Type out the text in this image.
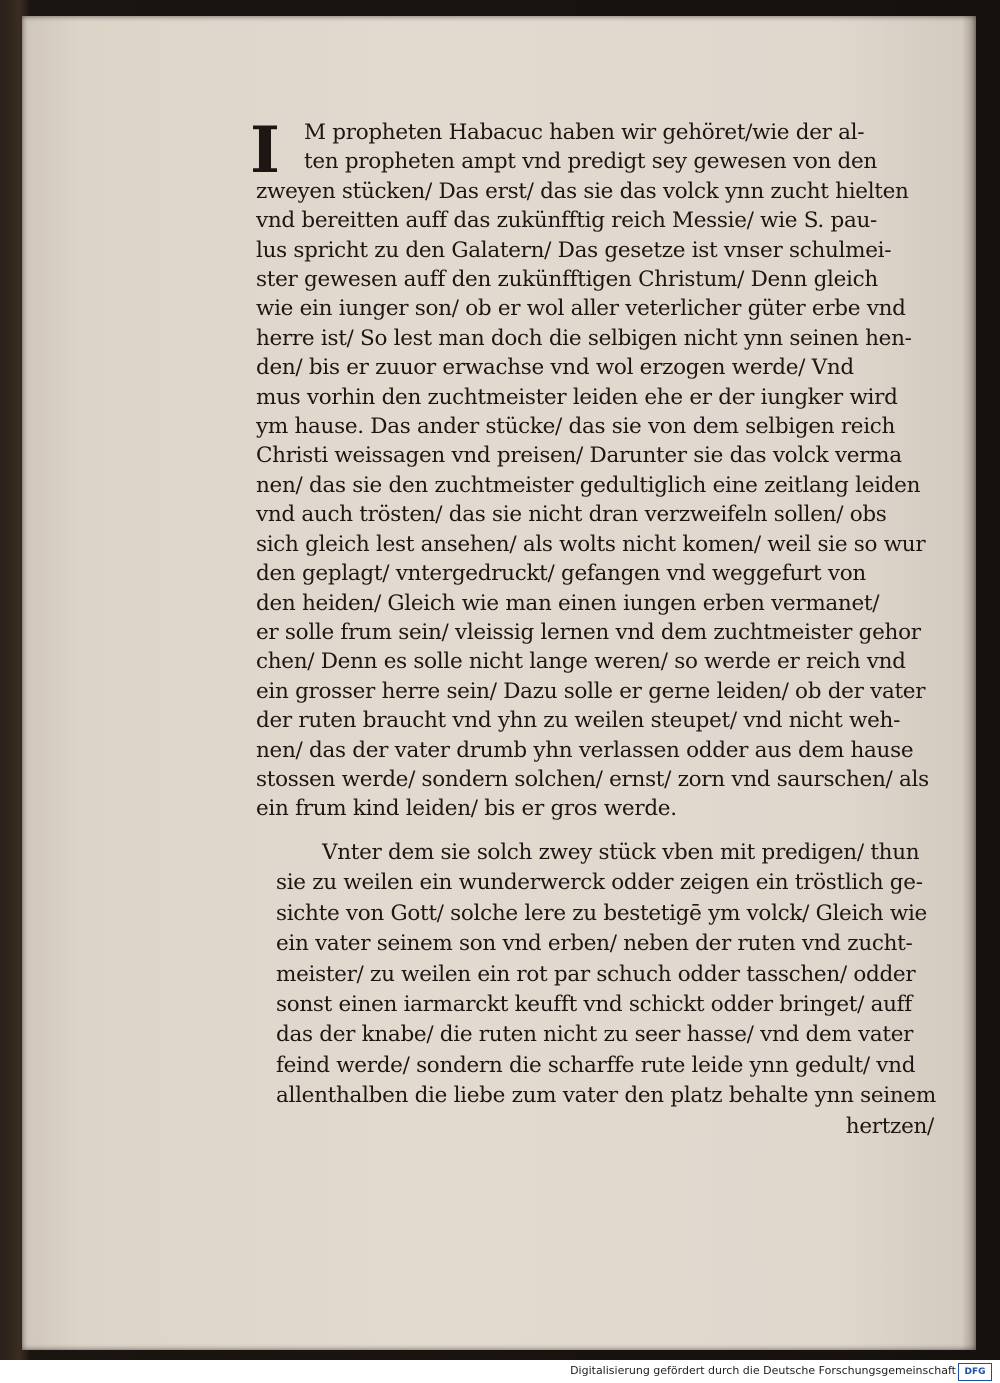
I	M propheten Habacuc haben wir gehöret/wie der al-
ten propheten ampt vnd predigt sey gewesen von den
zweyen stücken/ Das erst/ das sie das volck ynn zucht hielten
vnd bereitten auff das zukünfftig reich Messie/ wie S. pau-
lus spricht zu den Galatern/ Das gesetze ist vnser schulmei-
ster gewesen auff den zukünfftigen Christum/ Denn gleich
wie ein iunger son/ ob er wol aller veterlicher güter erbe vnd
herre ist/ So lest man doch die selbigen nicht ynn seinen hen-
den/ bis er zuuor erwachse vnd wol erzogen werde/ Vnd
mus vorhin den zuchtmeister leiden ehe er der iungker wird
ym hause. Das ander stücke/ das sie von dem selbigen reich
Christi weissagen vnd preisen/ Darunter sie das volck verma
nen/ das sie den zuchtmeister gedultiglich eine zeitlang leiden
vnd auch trösten/ das sie nicht dran verzweifeln sollen/ obs
sich gleich lest ansehen/ als wolts nicht komen/ weil sie so wur
den geplagt/ vntergedruckt/ gefangen vnd weggefurt von
den heiden/ Gleich wie man einen iungen erben vermanet/
er solle frum sein/ vleissig lernen vnd dem zuchtmeister gehor
chen/ Denn es solle nicht lange weren/ so werde er reich vnd
ein grosser herre sein/ Dazu solle er gerne leiden/ ob der vater
der ruten braucht vnd yhn zu weilen steupet/ vnd nicht weh-
nen/ das der vater drumb yhn verlassen odder aus dem hause
stossen werde/ sondern solchen/ ernst/ zorn vnd saurschen/ als
ein frum kind leiden/ bis er gros werde.
Vnter dem sie solch zwey stück vben mit predigen/ thun
sie zu weilen ein wunderwerck odder zeigen ein tröstlich ge-
sichte von Gott/ solche lere zu bestetigē ym volck/ Gleich wie
ein vater seinem son vnd erben/ neben der ruten vnd zucht-
meister/ zu weilen ein rot par schuch odder tasschen/ odder
sonst einen iarmarckt keufft vnd schickt odder bringet/ auff
das der knabe/ die ruten nicht zu seer hasse/ vnd dem vater
feind werde/ sondern die scharffe rute leide ynn gedult/ vnd
allenthalben die liebe zum vater den platz behalte ynn seinem
hertzen/
Digitalisierung gefördert durch die Deutsche Forschungsgemeinschaft DFG
